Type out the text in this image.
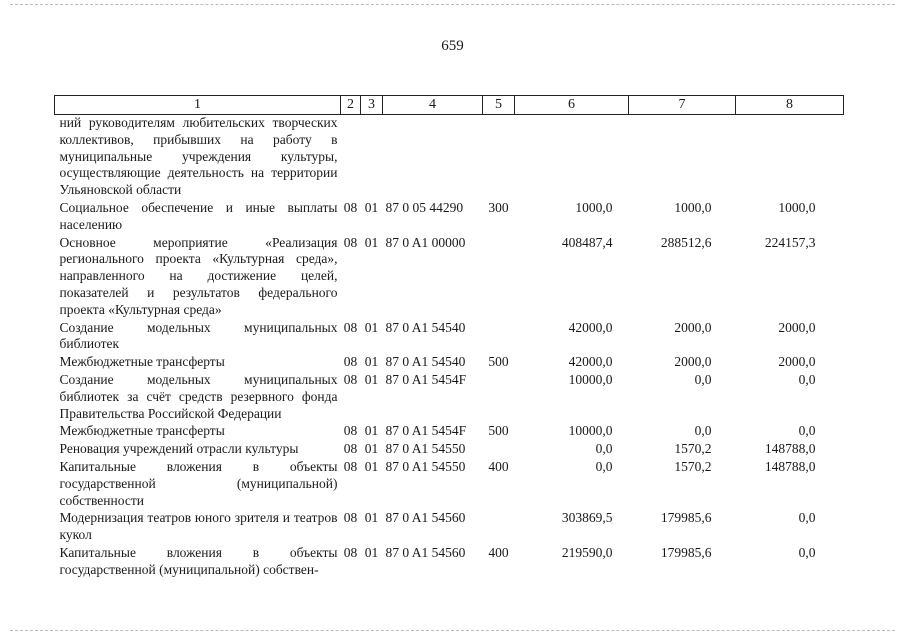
659
1	2	3	4	5	6	7	8
ний руководителям любительских творческих коллективов, прибывших на работу в муниципальные учреждения культуры, осуществляющие деятельность на территории Ульяновской области							
Социальное обеспечение и иные выплаты населению	08	01	87 0 05 44290	300	1000,0	1000,0	1000,0
Основное мероприятие «Реализация регионального проекта «Культурная среда», направленного на достижение целей, показателей и результатов федерального проекта «Культурная среда»	08	01	87 0 A1 00000		408487,4	288512,6	224157,3
Создание модельных муниципальных библиотек	08	01	87 0 A1 54540		42000,0	2000,0	2000,0
Межбюджетные трансферты	08	01	87 0 A1 54540	500	42000,0	2000,0	2000,0
Создание модельных муниципальных библиотек за счёт средств резервного фонда Правительства Российской Федерации	08	01	87 0 A1 5454F		10000,0	0,0	0,0
Межбюджетные трансферты	08	01	87 0 A1 5454F	500	10000,0	0,0	0,0
Реновация учреждений отрасли культуры	08	01	87 0 A1 54550		0,0	1570,2	148788,0
Капитальные вложения в объекты государственной (муниципальной) собственности	08	01	87 0 A1 54550	400	0,0	1570,2	148788,0
Модернизация театров юного зрителя и театров кукол	08	01	87 0 A1 54560		303869,5	179985,6	0,0
Капитальные вложения в объекты государственной (муниципальной) собствен-	08	01	87 0 A1 54560	400	219590,0	179985,6	0,0
